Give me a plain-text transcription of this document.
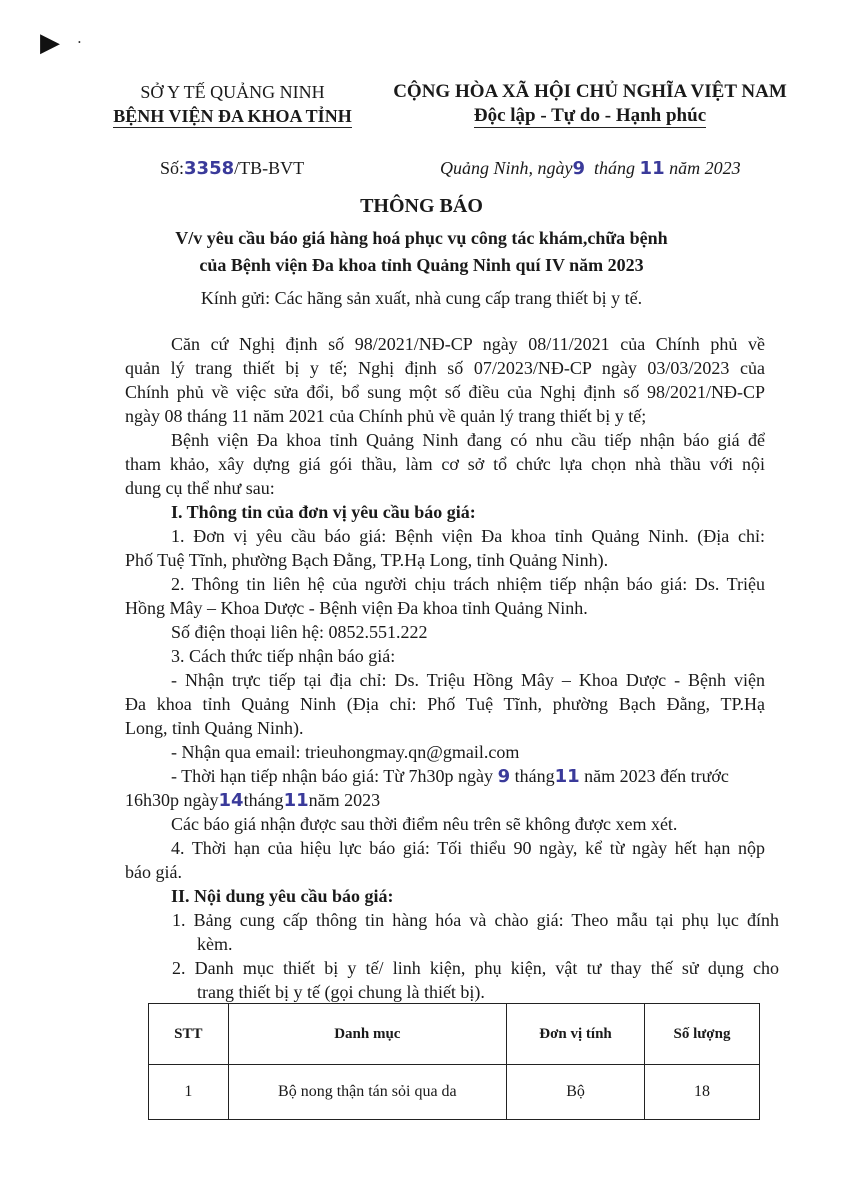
▶ •
SỞ Y TẾ QUẢNG NINH
BỆNH VIỆN ĐA KHOA TỈNH
CỘNG HÒA XÃ HỘI CHỦ NGHĨA VIỆT NAM
Độc lập - Tự do - Hạnh phúc
Số:3358/TB-BVT	Quảng Ninh, ngày9 tháng 11 năm 2023
THÔNG BÁO
V/v yêu cầu báo giá hàng hoá phục vụ công tác khám,chữa bệnh
của Bệnh viện Đa khoa tỉnh Quảng Ninh quí IV năm 2023
Kính gửi: Các hãng sản xuất, nhà cung cấp trang thiết bị y tế.
Căn cứ Nghị định số 98/2021/NĐ-CP ngày 08/11/2021 của Chính phủ về
quản lý trang thiết bị y tế; Nghị định số 07/2023/NĐ-CP ngày 03/03/2023 của
Chính phủ về việc sửa đổi, bổ sung một số điều của Nghị định số 98/2021/NĐ-CP
ngày 08 tháng 11 năm 2021 của Chính phủ về quản lý trang thiết bị y tế;
Bệnh viện Đa khoa tỉnh Quảng Ninh đang có nhu cầu tiếp nhận báo giá để
tham khảo, xây dựng giá gói thầu, làm cơ sở tổ chức lựa chọn nhà thầu với nội
dung cụ thể như sau:
I. Thông tin của đơn vị yêu cầu báo giá:
1. Đơn vị yêu cầu báo giá: Bệnh viện Đa khoa tỉnh Quảng Ninh. (Địa chỉ:
Phố Tuệ Tĩnh, phường Bạch Đằng, TP.Hạ Long, tỉnh Quảng Ninh).
2. Thông tin liên hệ của người chịu trách nhiệm tiếp nhận báo giá: Ds. Triệu
Hồng Mây – Khoa Dược - Bệnh viện Đa khoa tỉnh Quảng Ninh.
Số điện thoại liên hệ: 0852.551.222
3. Cách thức tiếp nhận báo giá:
- Nhận trực tiếp tại địa chỉ: Ds. Triệu Hồng Mây – Khoa Dược - Bệnh viện
Đa khoa tỉnh Quảng Ninh (Địa chỉ: Phố Tuệ Tĩnh, phường Bạch Đằng, TP.Hạ
Long, tỉnh Quảng Ninh).
- Nhận qua email: trieuhongmay.qn@gmail.com
- Thời hạn tiếp nhận báo giá: Từ 7h30p ngày 9 tháng11 năm 2023 đến trước
16h30p ngày14tháng11năm 2023
Các báo giá nhận được sau thời điểm nêu trên sẽ không được xem xét.
4. Thời hạn của hiệu lực báo giá: Tối thiểu 90 ngày, kể từ ngày hết hạn nộp
báo giá.
II. Nội dung yêu cầu báo giá:
1. Bảng cung cấp thông tin hàng hóa và chào giá: Theo mẫu tại phụ lục đính
kèm.
STT	Danh mục	Đơn vị tính	Số lượng
1	Bộ nong thận tán sỏi qua da	Bộ	18
2. Danh mục thiết bị y tế/ linh kiện, phụ kiện, vật tư thay thế sử dụng cho
trang thiết bị y tế (gọi chung là thiết bị).
